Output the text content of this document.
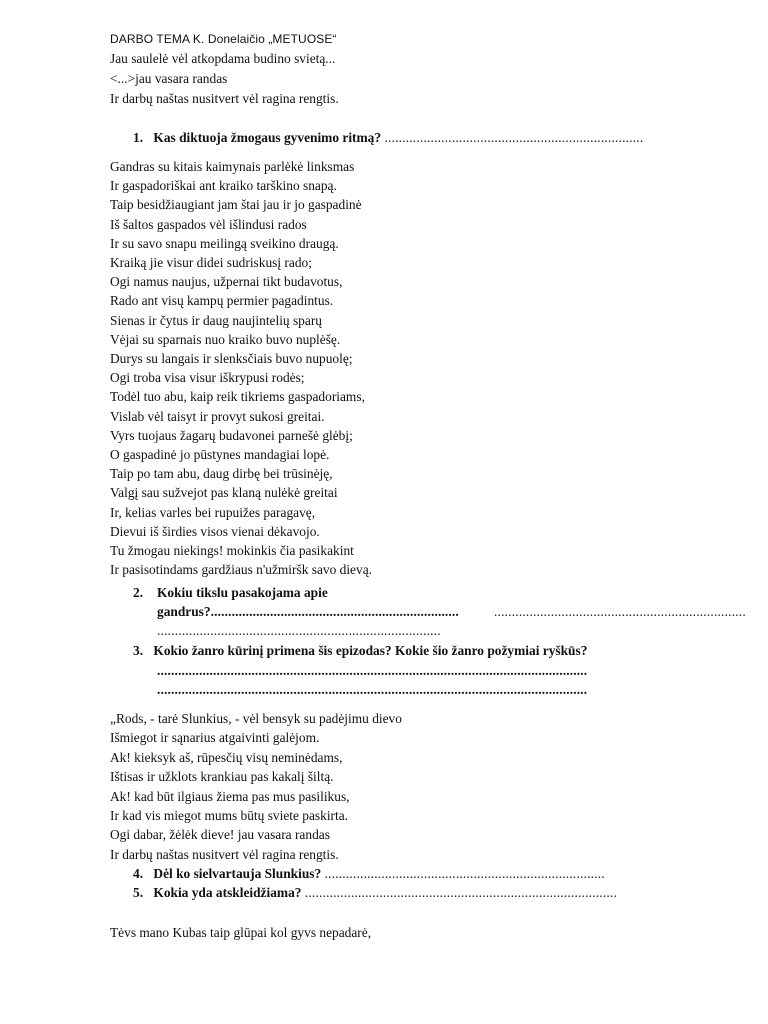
DARBO TEMA K. Donelaičio „METUOSE“
Jau saulelė vėl atkopdama budino svietą...
<...>jau vasara randas
Ir darbų naštas nusitvert vėl ragina rengtis.
1. Kas diktuoja žmogaus gyvenimo ritmą? .........................................................................
Gandras su kitais kaimynais parlėkė linksmas
Ir gaspadoriškai ant kraiko tarškino snapą.
Taip besidžiaugiant jam štai jau ir jo gaspadinė
Iš šaltos gaspados vėl išlindusi rados
Ir su savo snapu meilingą sveikino draugą.
Kraiką jie visur didei sudriskusį rado;
Ogi namus naujus, užpernai tikt budavotus,
Rado ant visų kampų permier pagadintus.
Sienas ir čytus ir daug naujintelių sparų
Vėjai su sparnais nuo kraiko buvo nuplėšę.
Durys su langais ir slenksčiais buvo nupuolę;
Ogi troba visa visur iškrypusi rodės;
Todėl tuo abu, kaip reik tikriems gaspadoriams,
Vislab vėl taisyt ir provyt sukosi greitai.
Vyrs tuojaus žagarų budavonei parnešė glėbį;
O gaspadinė jo pūstynes mandagiai lopė.
Taip po tam abu, daug dirbę bei trūsinėję,
Valgį sau sužvejot pas klaną nulėkė greitai
Ir, kelias varles bei rupuižes paragavę,
Dievui iš širdies visos vienai dėkavojo.
Tu žmogau niekings! mokinkis čia pasikakint
Ir pasisotindams gardžiaus n'užmiršk savo dievą.
2. Kokiu tikslu pasakojama apie
gandrus?.......................................................................	.......................................................................
................................................................................
3. Kokio žanro kūrinį primena šis epizodas? Kokie šio žanro požymiai ryškūs?
...........................................................................................................................
...........................................................................................................................
„Rods, - tarė Slunkius, - vėl bensyk su padėjimu dievo
Išmiegot ir sąnarius atgaivinti galėjom.
Ak! kieksyk aš, rūpesčių visų neminėdams,
Ištisas ir užklots krankiau pas kakalį šiltą.
Ak! kad būt ilgiaus žiema pas mus pasilikus,
Ir kad vis miegot mums būtų sviete paskirta.
Ogi dabar, žėlėk dieve! jau vasara randas
Ir darbų naštas nusitvert vėl ragina rengtis.
4. Dėl ko sielvartauja Slunkius? ...............................................................................
5. Kokia yda atskleidžiama? ........................................................................................
Tėvs mano Kubas taip glūpai kol gyvs nepadarė,
